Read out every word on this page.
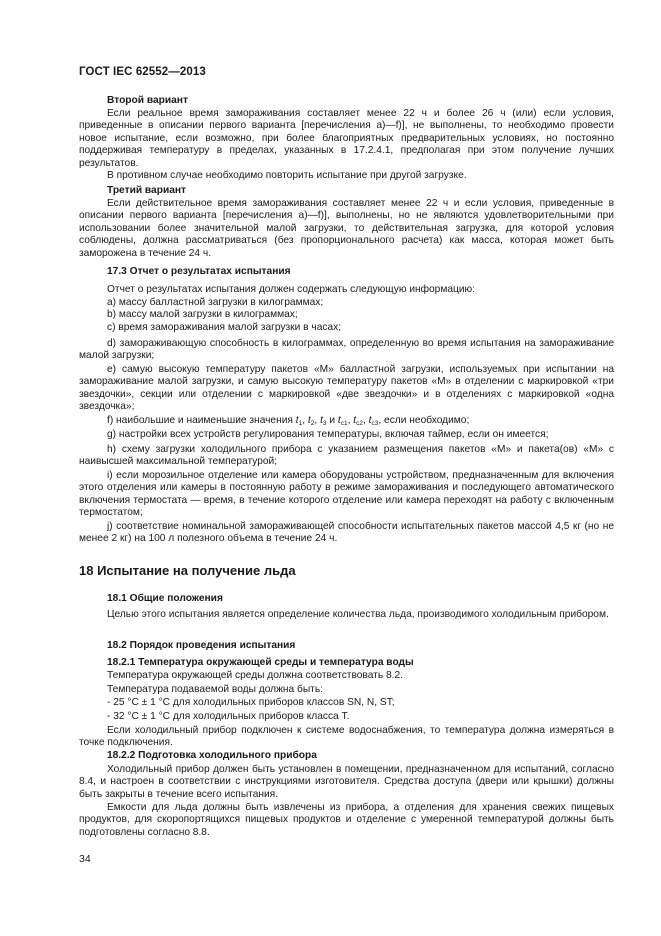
ГОСТ IEC 62552—2013

Второй вариант

Если реальное время замораживания составляет менее 22 ч и более 26 ч (или) если условия, приведенные в описании первого варианта [перечисления a)—f)], не выполнены, то необходимо провести новое испытание, если возможно, при более благоприятных предварительных условиях, но постоянно поддерживая температуру в пределах, указанных в 17.2.4.1, предполагая при этом получение лучших результатов.

В противном случае необходимо повторить испытание при другой загрузке.

Третий вариант

Если действительное время замораживания составляет менее 22 ч и если условия, приведенные в описании первого варианта [перечисления a)—f)], выполнены, но не являются удовлетворительными при использовании более значительной малой загрузки, то действительная загрузка, для которой условия соблюдены, должна рассматриваться (без пропорционального расчета) как масса, которая может быть заморожена в течение 24 ч.

17.3 Отчет о результатах испытания

Отчет о результатах испытания должен содержать следующую информацию:

a) массу балластной загрузки в килограммах;

b) массу малой загрузки в килограммах;

c) время замораживания малой загрузки в часах;

d) замораживающую способность в килограммах, определенную во время испытания на замораживание малой загрузки;

e) самую высокую температуру пакетов «М» балластной загрузки, используемых при испытании на замораживание малой загрузки, и самую высокую температуру пакетов «М» в отделении с маркировкой «три звездочки», секции или отделении с маркировкой «две звездочки» и в отделениях с маркировкой «одна звездочка»;

f) наибольшие и наименьшие значения $t_1$, $t_2$, $t_3$ и $t_{c1}$, $t_{c2}$, $t_{c3}$, если необходимо;

g) настройки всех устройств регулирования температуры, включая таймер, если он имеется;

h) схему загрузки холодильного прибора с указанием размещения пакетов «М» и пакета(ов) «М» с наивысшей максимальной температурой;

i) если морозильное отделение или камера оборудованы устройством, предназначенным для включения этого отделения или камеры в постоянную работу в режиме замораживания и последующего автоматического включения термостата — время, в течение которого отделение или камера переходят на работу с включенным термостатом;

j) соответствие номинальной замораживающей способности испытательных пакетов массой 4,5 кг (но не менее 2 кг) на 100 л полезного объема в течение 24 ч.

18 Испытание на получение льда

18.1 Общие положения

Целью этого испытания является определение количества льда, производимого холодильным прибором.

18.2 Порядок проведения испытания

18.2.1 Температура окружающей среды и температура воды

Температура окружающей среды должна соответствовать 8.2.

Температура подаваемой воды должна быть:

- 25 °C ± 1 °C для холодильных приборов классов SN, N, ST;

- 32 °C ± 1 °C для холодильных приборов класса T.

Если холодильный прибор подключен к системе водоснабжения, то температура должна измеряться в точке подключения.

18.2.2 Подготовка холодильного прибора

Холодильный прибор должен быть установлен в помещении, предназначенном для испытаний, согласно 8.4, и настроен в соответствии с инструкциями изготовителя. Средства доступа (двери или крышки) должны быть закрыты в течение всего испытания.

Емкости для льда должны быть извлечены из прибора, а отделения для хранения свежих пищевых продуктов, для скоропортящихся пищевых продуктов и отделение с умеренной температурой должны быть подготовлены согласно 8.8.

34
